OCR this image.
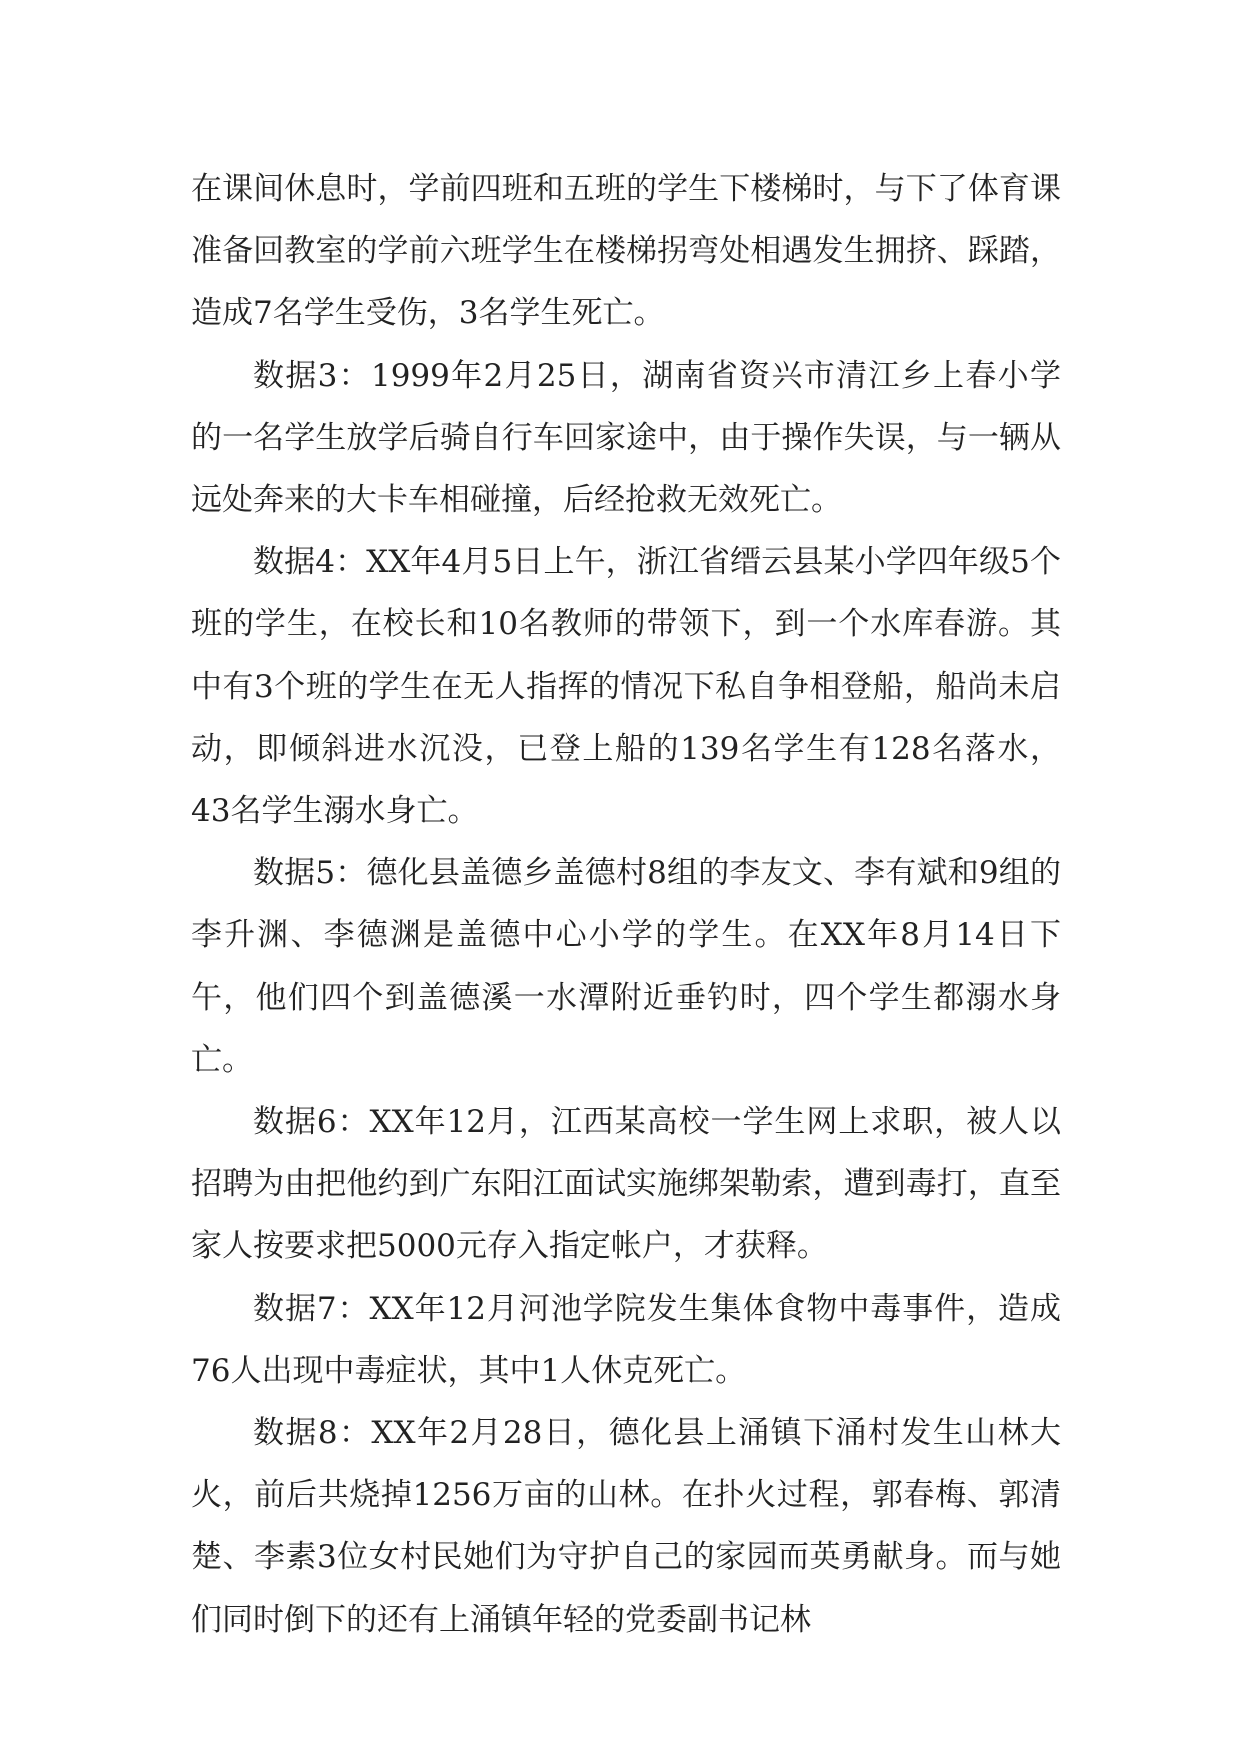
在课间休息时，学前四班和五班的学生下楼梯时，与下了体育课准备回教室的学前六班学生在楼梯拐弯处相遇发生拥挤、踩踏，造成7名学生受伤，3名学生死亡。

数据3：1999年2月25日，湖南省资兴市清江乡上春小学的一名学生放学后骑自行车回家途中，由于操作失误，与一辆从远处奔来的大卡车相碰撞，后经抢救无效死亡。

数据4：XX年4月5日上午，浙江省缙云县某小学四年级5个班的学生，在校长和10名教师的带领下，到一个水库春游。其中有3个班的学生在无人指挥的情况下私自争相登船，船尚未启动，即倾斜进水沉没，已登上船的139名学生有128名落水，43名学生溺水身亡。

数据5：德化县盖德乡盖德村8组的李友文、李有斌和9组的李升渊、李德渊是盖德中心小学的学生。在XX年8月14日下午，他们四个到盖德溪一水潭附近垂钓时，四个学生都溺水身亡。

数据6：XX年12月，江西某高校一学生网上求职，被人以招聘为由把他约到广东阳江面试实施绑架勒索，遭到毒打，直至家人按要求把5000元存入指定帐户，才获释。

数据7：XX年12月河池学院发生集体食物中毒事件，造成76人出现中毒症状，其中1人休克死亡。

数据8：XX年2月28日，德化县上涌镇下涌村发生山林大火，前后共烧掉1256万亩的山林。在扑火过程，郭春梅、郭清楚、李素3位女村民她们为守护自己的家园而英勇献身。而与她们同时倒下的还有上涌镇年轻的党委副书记林
